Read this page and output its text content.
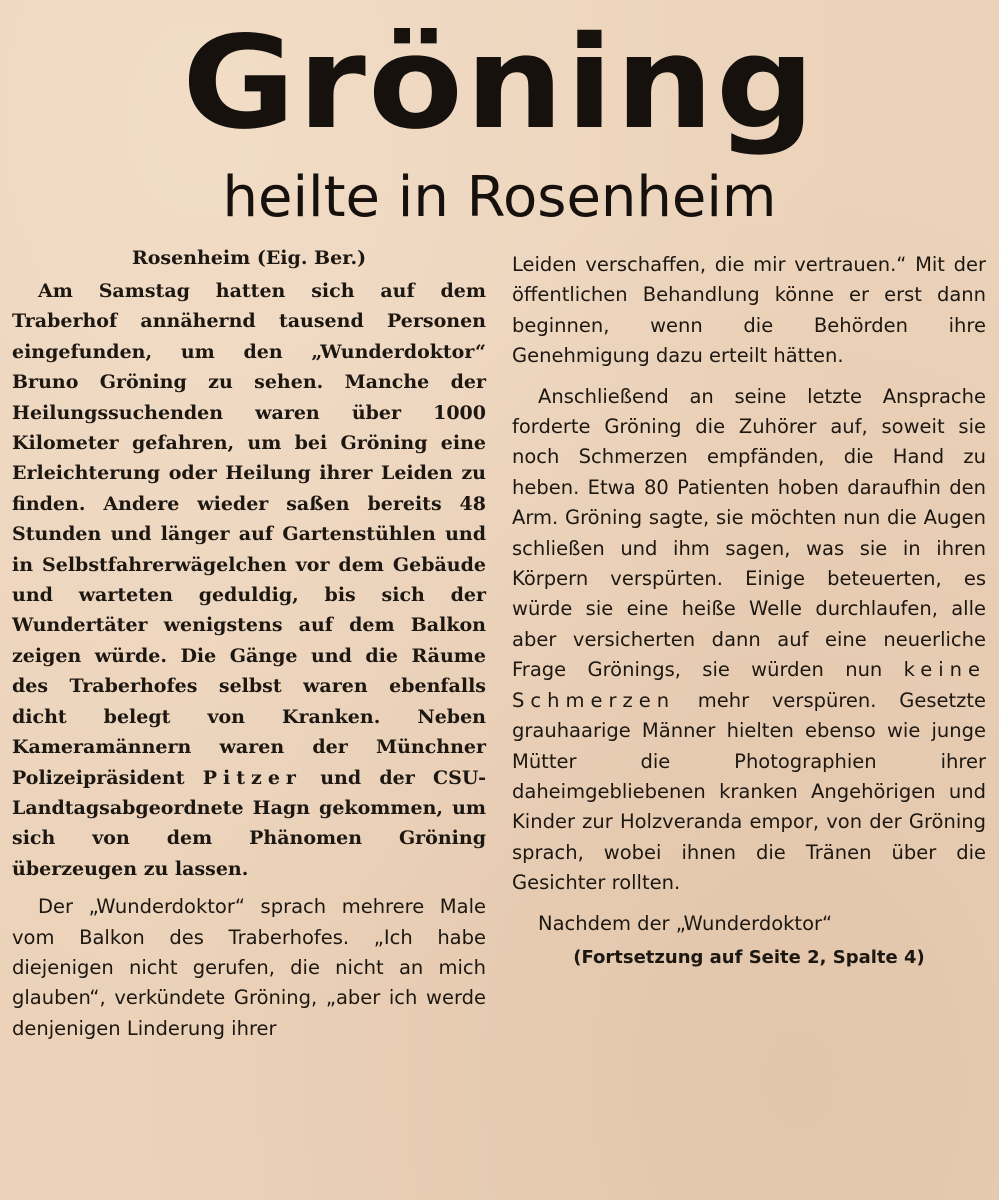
Gröning
heilte in Rosenheim
Rosenheim (Eig. Ber.)

Am Samstag hatten sich auf dem Traberhof annähernd tausend Personen eingefunden, um den „Wunderdoktor“ Bruno Gröning zu sehen. Manche der Heilungssuchenden waren über 1000 Kilometer gefahren, um bei Gröning eine Erleichterung oder Heilung ihrer Leiden zu finden. Andere wieder saßen bereits 48 Stunden und länger auf Gartenstühlen und in Selbstfahrerwägelchen vor dem Gebäude und warteten geduldig, bis sich der Wundertäter wenigstens auf dem Balkon zeigen würde. Die Gänge und die Räume des Traberhofes selbst waren ebenfalls dicht belegt von Kranken. Neben Kameramännern waren der Münchner Polizeipräsident Pitzer und der CSU-Landtagsabgeordnete Hagn gekommen, um sich von dem Phänomen Gröning überzeugen zu lassen.

Der „Wunderdoktor“ sprach mehrere Male vom Balkon des Traberhofes. „Ich habe diejenigen nicht gerufen, die nicht an mich glauben“, verkündete Gröning, „aber ich werde denjenigen Linderung ihrer

Leiden verschaffen, die mir vertrauen.“ Mit der öffentlichen Behandlung könne er erst dann beginnen, wenn die Behörden ihre Genehmigung dazu erteilt hätten.

Anschließend an seine letzte Ansprache forderte Gröning die Zuhörer auf, soweit sie noch Schmerzen empfänden, die Hand zu heben. Etwa 80 Patienten hoben daraufhin den Arm. Gröning sagte, sie möchten nun die Augen schließen und ihm sagen, was sie in ihren Körpern verspürten. Einige beteuerten, es würde sie eine heiße Welle durchlaufen, alle aber versicherten dann auf eine neuerliche Frage Grönings, sie würden nun keine Schmerzen mehr verspüren. Gesetzte grauhaarige Männer hielten ebenso wie junge Mütter die Photographien ihrer daheimgebliebenen kranken Angehörigen und Kinder zur Holzveranda empor, von der Gröning sprach, wobei ihnen die Tränen über die Gesichter rollten.

Nachdem der „Wunderdoktor“

(Fortsetzung auf Seite 2, Spalte 4)
